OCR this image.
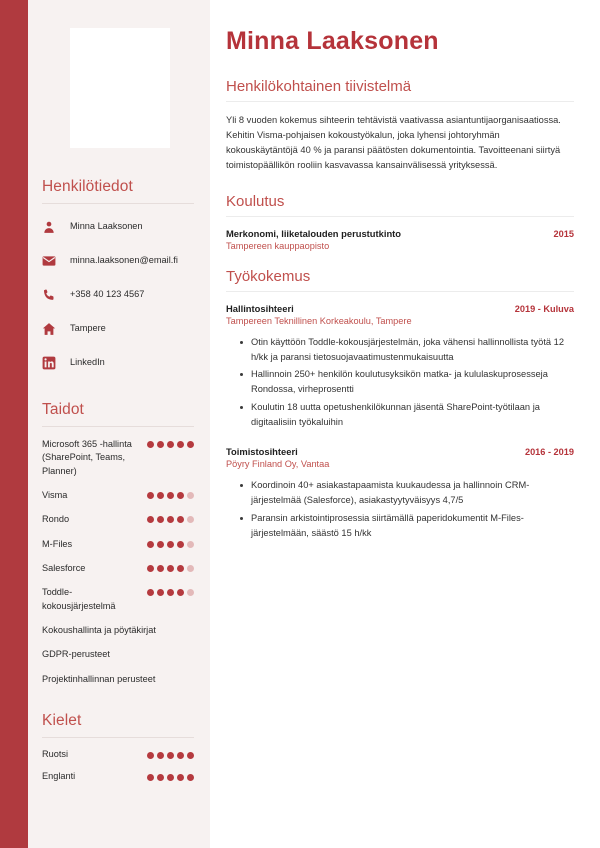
Henkilötiedot
Minna Laaksonen
minna.laaksonen@email.fi
+358 40 123 4567
Tampere
LinkedIn
Taidot
Microsoft 365 -hallinta (SharePoint, Teams, Planner)
Visma
Rondo
M-Files
Salesforce
Toddle-kokousjärjestelmä
Kokoushallinta ja pöytäkirjat
GDPR-perusteet
Projektinhallinnan perusteet
Kielet
Ruotsi
Englanti
Minna Laaksonen
Henkilökohtainen tiivistelmä
Yli 8 vuoden kokemus sihteerin tehtävistä vaativassa asiantuntijaorganisaatiossa. Kehitin Visma-pohjaisen kokoustyökalun, joka lyhensi johtoryhmän kokouskäytäntöjä 40 % ja paransi päätösten dokumentointia. Tavoitteenani siirtyä toimistopäällikön rooliin kasvavassa kansainvälisessä yrityksessä.
Koulutus
Merkonomi, liiketalouden perustutkinto	2015
Tampereen kauppaopisto
Työkokemus
Hallintosihteeri	2019 - Kuluva
Tampereen Teknillinen Korkeakoulu, Tampere
Otin käyttöön Toddle-kokousjärjestelmän, joka vähensi hallinnollista työtä 12 h/kk ja paransi tietosuojavaatimustenmukaisuutta
Hallinnoin 250+ henkilön koulutusyksikön matka- ja kululaskuprosesseja Rondossa, virheprosentti
Koulutin 18 uutta opetushenkilökunnan jäsentä SharePoint-työtilaan ja digitaalisiin työkaluihin
Toimistosihteeri	2016 - 2019
Pöyry Finland Oy, Vantaa
Koordinoin 40+ asiakastapaamista kuukaudessa ja hallinnoin CRM-järjestelmää (Salesforce), asiakastyytyväisyys 4,7/5
Paransin arkistointiprosessia siirtämällä paperidokumentit M-Files-järjestelmään, säästö 15 h/kk
